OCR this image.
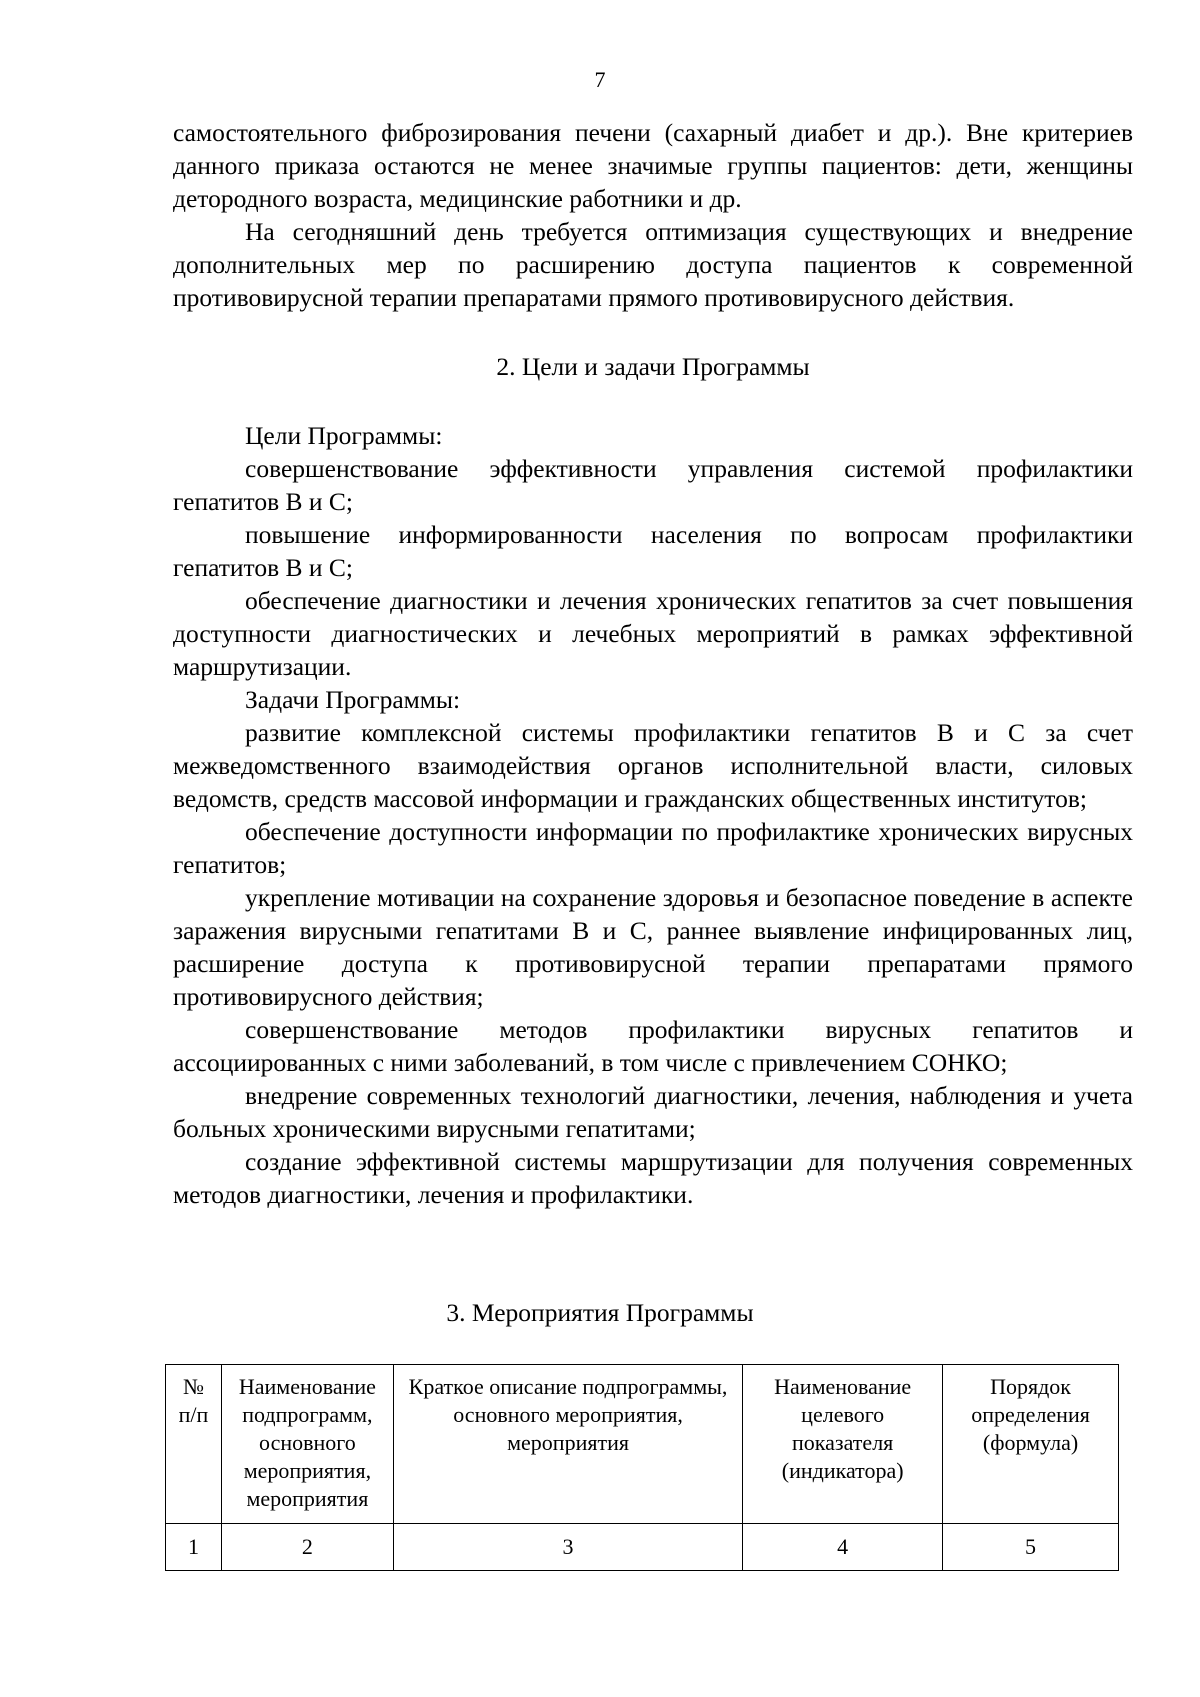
7

самостоятельного фиброзирования печени (сахарный диабет и др.). Вне критериев данного приказа остаются не менее значимые группы пациентов: дети, женщины детородного возраста, медицинские работники и др.

На сегодняшний день требуется оптимизация существующих и внедрение дополнительных мер по расширению доступа пациентов к современной противовирусной терапии препаратами прямого противовирусного действия.

2. Цели и задачи Программы

Цели Программы:

совершенствование эффективности управления системой профилактики гепатитов В и С;

повышение информированности населения по вопросам профилактики гепатитов В и С;

обеспечение диагностики и лечения хронических гепатитов за счет повышения доступности диагностических и лечебных мероприятий в рамках эффективной маршрутизации.

Задачи Программы:

развитие комплексной системы профилактики гепатитов В и С за счет межведомственного взаимодействия органов исполнительной власти, силовых ведомств, средств массовой информации и гражданских общественных институтов;

обеспечение доступности информации по профилактике хронических вирусных гепатитов;

укрепление мотивации на сохранение здоровья и безопасное поведение в аспекте заражения вирусными гепатитами В и С, раннее выявление инфицированных лиц, расширение доступа к противовирусной терапии препаратами прямого противовирусного действия;

совершенствование методов профилактики вирусных гепатитов и ассоциированных с ними заболеваний, в том числе с привлечением СОНКО;

внедрение современных технологий диагностики, лечения, наблюдения и учета больных хроническими вирусными гепатитами;

создание эффективной системы маршрутизации для получения современных методов диагностики, лечения и профилактики.

3. Мероприятия Программы

№ п/п	Наименование подпрограмм, основного мероприятия, мероприятия	Краткое описание подпрограммы, основного мероприятия, мероприятия	Наименование целевого показателя (индикатора)	Порядок определения (формула)
1	2	3	4	5
